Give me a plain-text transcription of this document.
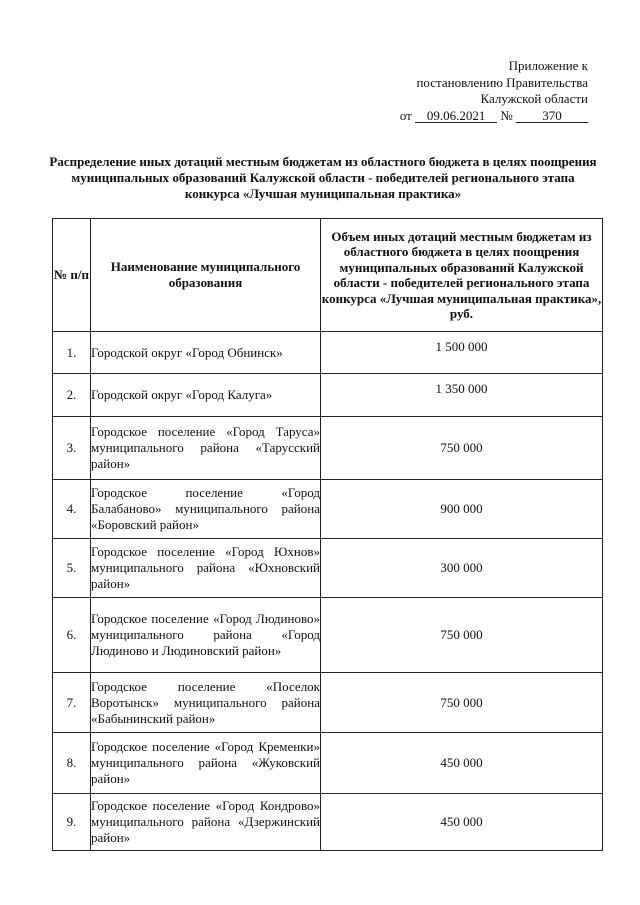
Приложение к
постановлению Правительства
Калужской области
от 09.06.2021 № 370
Распределение иных дотаций местным бюджетам из областного бюджета в целях поощрения муниципальных образований Калужской области - победителей регионального этапа конкурса «Лучшая муниципальная практика»
№ п/п	Наименование муниципального образования	Объем иных дотаций местным бюджетам из областного бюджета в целях поощрения муниципальных образований Калужской области - победителей регионального этапа конкурса «Лучшая муниципальная практика», руб.
1.	Городской округ «Город Обнинск»	1 500 000
2.	Городской округ «Город Калуга»	1 350 000
3.	Городское поселение «Город Таруса» муниципального района «Тарусский район»	750 000
4.	Городское поселение «Город Балабаново» муниципального района «Боровский район»	900 000
5.	Городское поселение «Город Юхнов» муниципального района «Юхновский район»	300 000
6.	Городское поселение «Город Людиново» муниципального района «Город Людиново и Людиновский район»	750 000
7.	Городское поселение «Поселок Воротынск» муниципального района «Бабынинский район»	750 000
8.	Городское поселение «Город Кременки» муниципального района «Жуковский район»	450 000
9.	Городское поселение «Город Кондрово» муниципального района «Дзержинский район»	450 000
